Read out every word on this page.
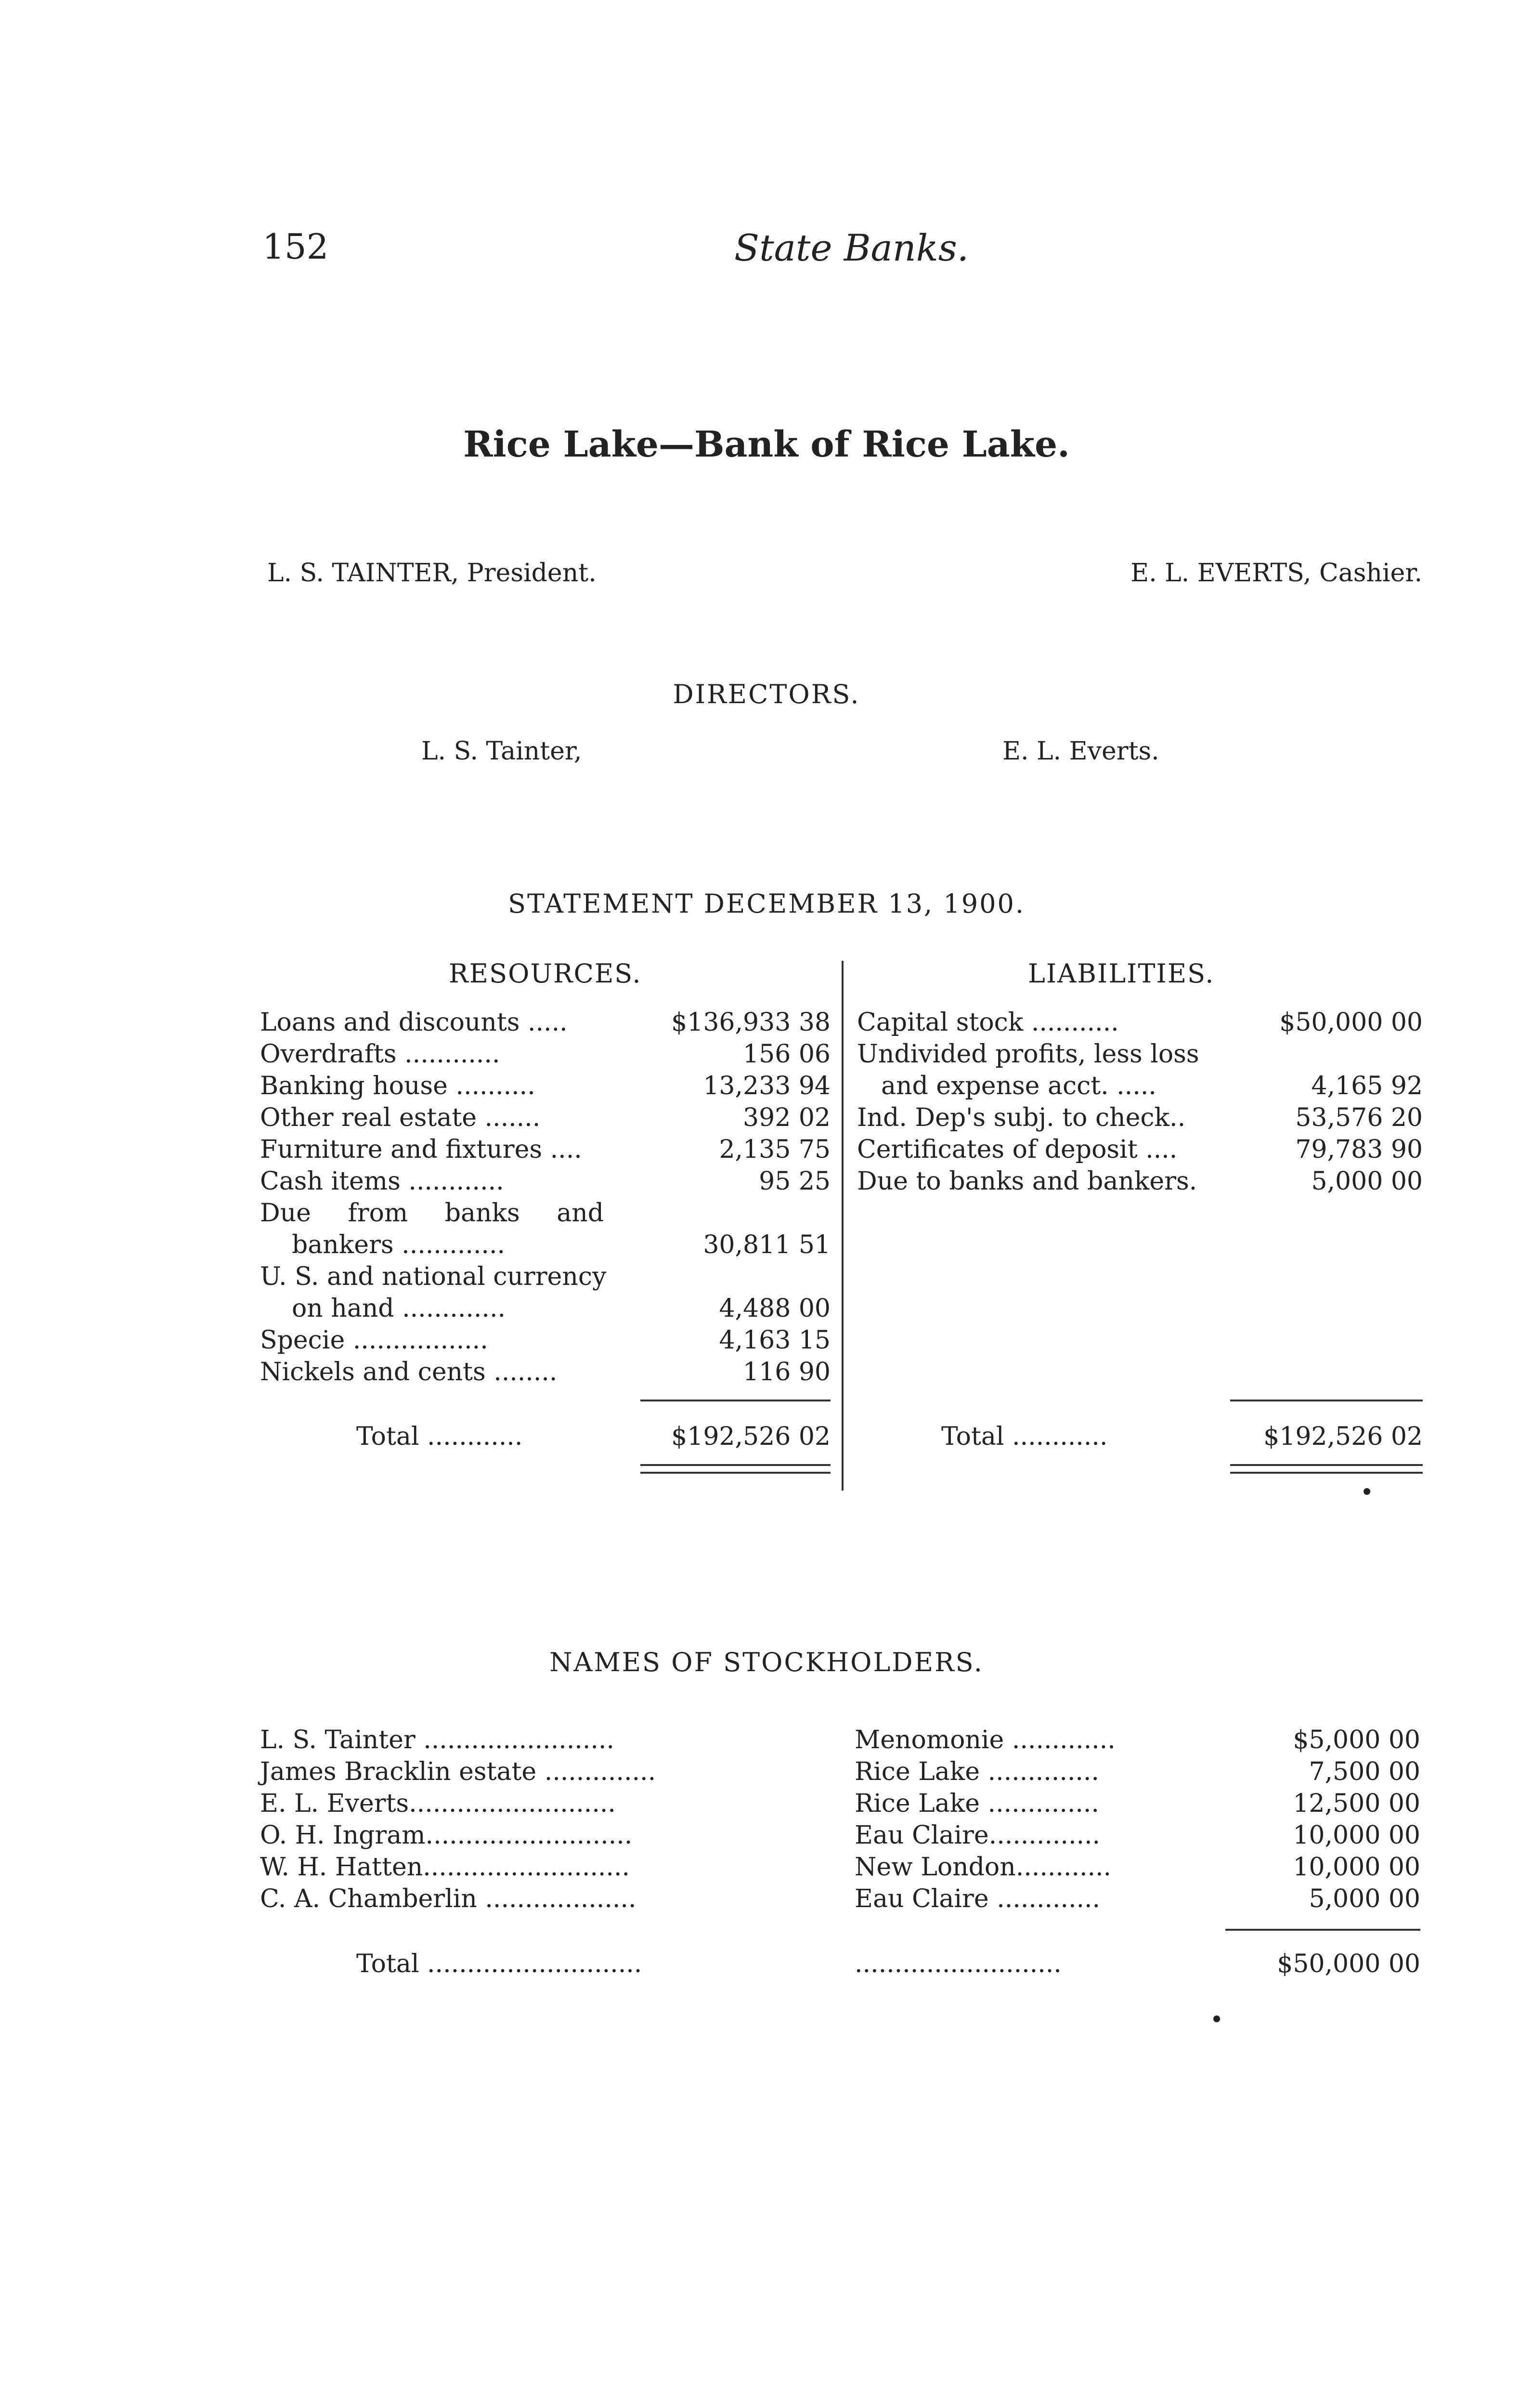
152	State Banks.
Rice Lake—Bank of Rice Lake.
L. S. TAINTER, President.	E. L. EVERTS, Cashier.
DIRECTORS.
L. S. Tainter,	E. L. Everts.
STATEMENT DECEMBER 13, 1900.
RESOURCES.	LIABILITIES.
Loans and discounts .....	$136,933 38
Overdrafts ............	156 06
Banking house ..........	13,233 94
Other real estate .......	392 02
Furniture and fixtures ....	2,135 75
Cash items ............	95 25
Due from banks and
bankers .............	30,811 51
U. S. and national currency
on hand .............	4,488 00
Specie .................	4,163 15
Nickels and cents ........	116 90
Total ............	$192,526 02
Capital stock ...........	$50,000 00
Undivided profits, less loss
and expense acct. .....	4,165 92
Ind. Dep's subj. to check..	53,576 20
Certificates of deposit ....	79,783 90
Due to banks and bankers.	5,000 00
Total ............	$192,526 02
NAMES OF STOCKHOLDERS.
L. S. Tainter ........................	Menomonie .............	$5,000 00
James Bracklin estate ..............	Rice Lake ..............	7,500 00
E. L. Everts..........................	Rice Lake ..............	12,500 00
O. H. Ingram..........................	Eau Claire..............	10,000 00
W. H. Hatten..........................	New London............	10,000 00
C. A. Chamberlin ...................	Eau Claire .............	5,000 00
Total ...........................	..........................	$50,000 00
